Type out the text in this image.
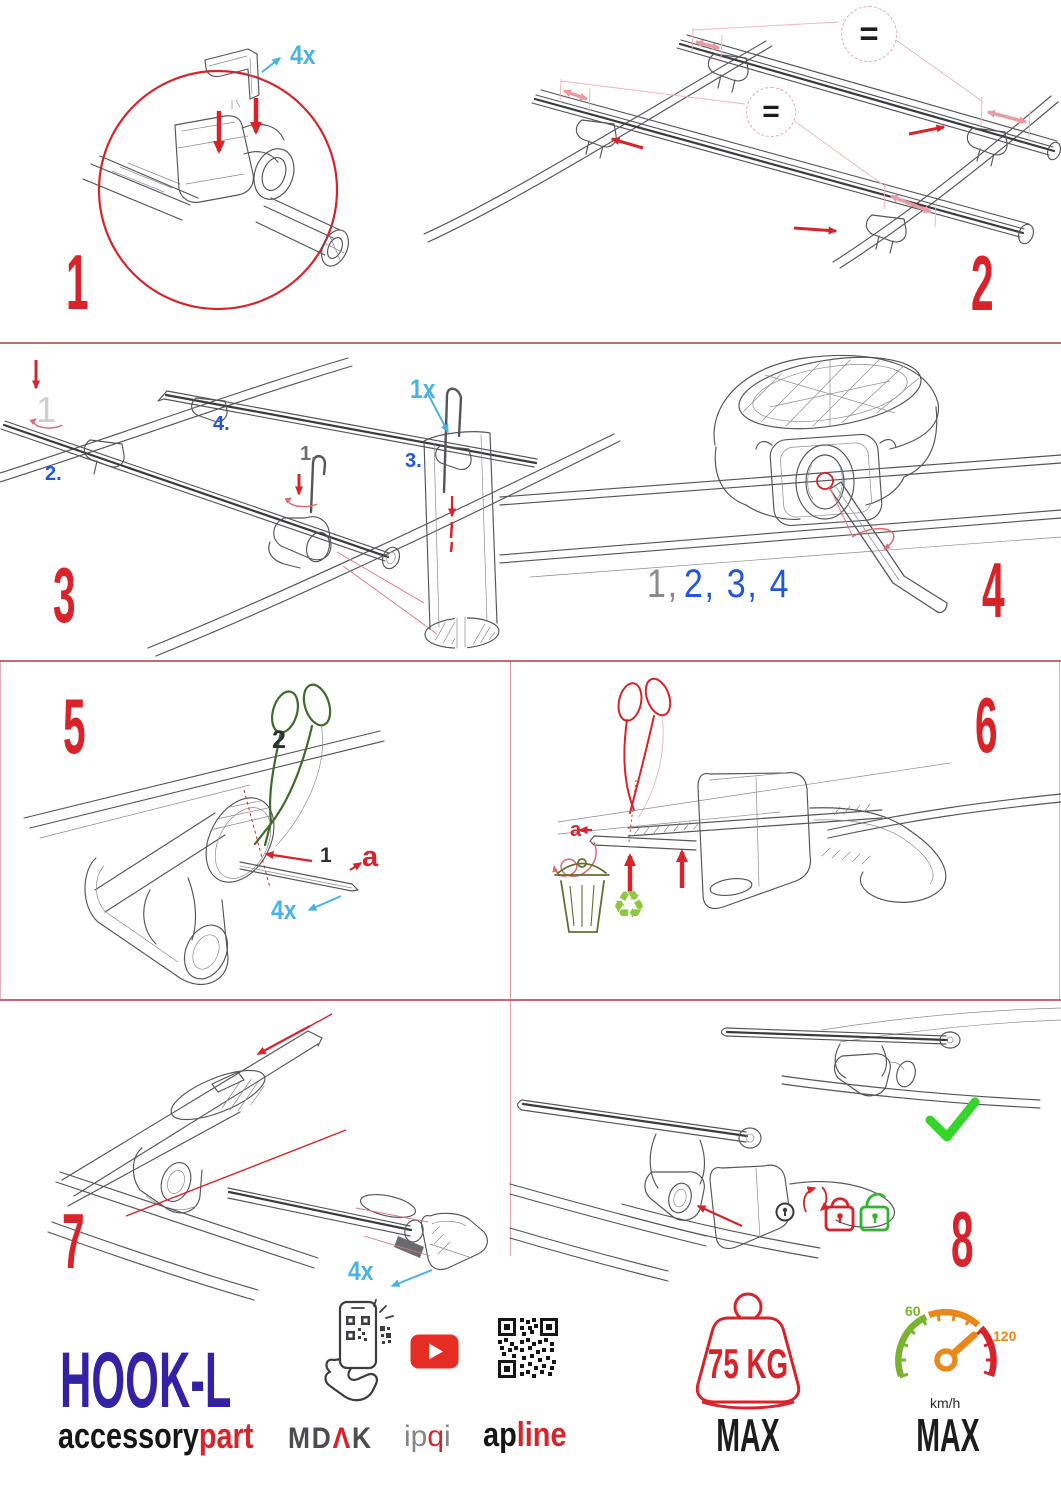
4x
1
=
=
2
1
2.
4.
1.	3.
1x
3	1, 2, 3, 4 4
5	2
1 a
4x
a
♻
6
7	4x	8
HOOK-L
accessorypart MDΛK ipqi apline
75 KG
MAX
60
120
km/h
MAX
